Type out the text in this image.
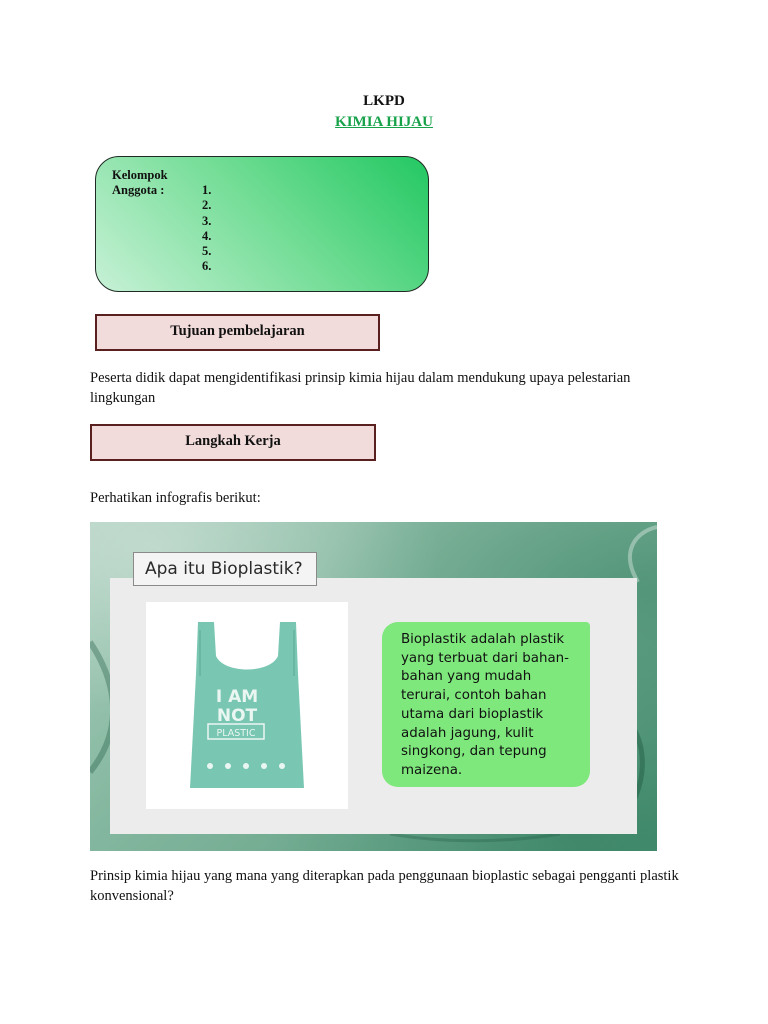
LKPD
KIMIA HIJAU
Kelompok
Anggota :	1.
2.
3.
4.
5.
6.
Tujuan pembelajaran
Peserta didik dapat mengidentifikasi prinsip kimia hijau dalam mendukung upaya pelestarian lingkungan
Langkah Kerja
Perhatikan infografis berikut:
Apa itu Bioplastik?
I AM
NOT
PLASTIC
Bioplastik adalah plastik yang terbuat dari bahan-bahan yang mudah terurai, contoh bahan utama dari bioplastik adalah jagung, kulit singkong, dan tepung maizena.
Prinsip kimia hijau yang mana yang diterapkan pada penggunaan bioplastic sebagai pengganti plastik konvensional?
